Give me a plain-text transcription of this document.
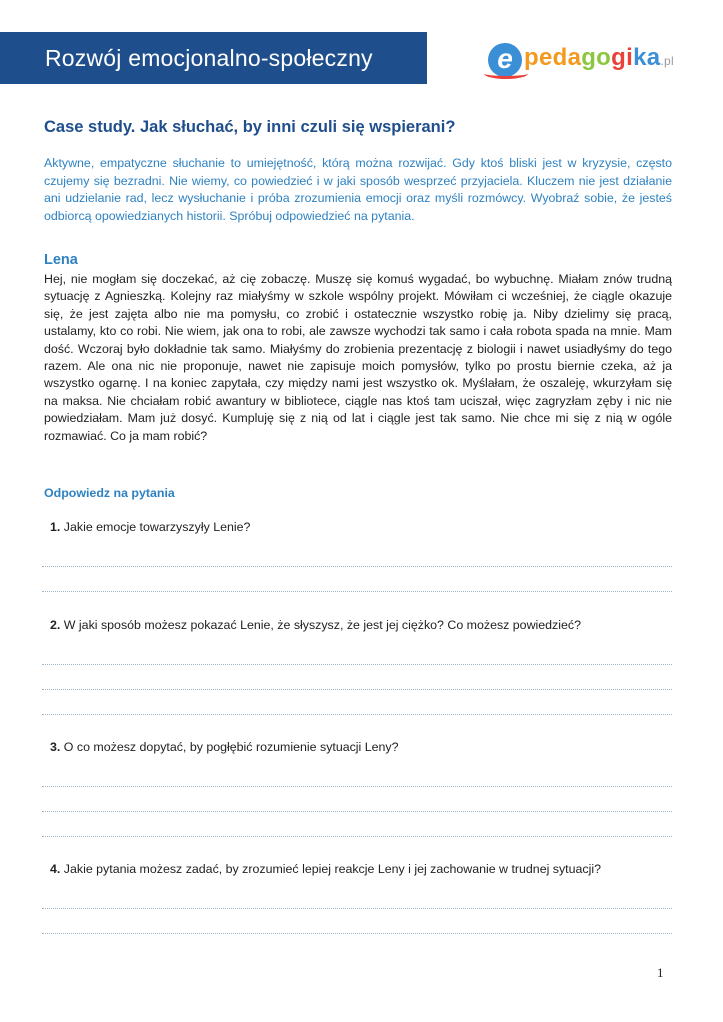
Rozwój emocjonalno-społeczny	e pedagogika.pl
Case study. Jak słuchać, by inni czuli się wspierani?
Aktywne, empatyczne słuchanie to umiejętność, którą można rozwijać. Gdy ktoś bliski jest w kryzysie, często czujemy się bezradni. Nie wiemy, co powiedzieć i w jaki sposób wesprzeć przyjaciela. Kluczem nie jest działanie ani udzielanie rad, lecz wysłuchanie i próba zrozumienia emocji oraz myśli rozmówcy. Wyobraź sobie, że jesteś odbiorcą opowiedzianych historii. Spróbuj odpowiedzieć na pytania.
Lena
Hej, nie mogłam się doczekać, aż cię zobaczę. Muszę się komuś wygadać, bo wybuchnę. Miałam znów trudną sytuację z Agnieszką. Kolejny raz miałyśmy w szkole wspólny projekt. Mówiłam ci wcześniej, że ciągle okazuje się, że jest zajęta albo nie ma pomysłu, co zrobić i ostatecznie wszystko robię ja. Niby dzielimy się pracą, ustalamy, kto co robi. Nie wiem, jak ona to robi, ale zawsze wychodzi tak samo i cała robota spada na mnie. Mam dość. Wczoraj było dokładnie tak samo. Miałyśmy do zrobienia prezentację z biologii i nawet usiadłyśmy do tego razem. Ale ona nic nie proponuje, nawet nie zapisuje moich pomysłów, tylko po prostu biernie czeka, aż ja wszystko ogarnę. I na koniec zapytała, czy między nami jest wszystko ok. Myślałam, że oszaleję, wkurzyłam się na maksa. Nie chciałam robić awantury w bibliotece, ciągle nas ktoś tam uciszał, więc zagryzłam zęby i nic nie powiedziałam. Mam już dosyć. Kumpluję się z nią od lat i ciągle jest tak samo. Nie chce mi się z nią w ogóle rozmawiać. Co ja mam robić?
Odpowiedz na pytania
1. Jakie emocje towarzyszyły Lenie?
2. W jaki sposób możesz pokazać Lenie, że słyszysz, że jest jej ciężko? Co możesz powiedzieć?
3. O co możesz dopytać, by pogłębić rozumienie sytuacji Leny?
4. Jakie pytania możesz zadać, by zrozumieć lepiej reakcje Leny i jej zachowanie w trudnej sytuacji?
1
